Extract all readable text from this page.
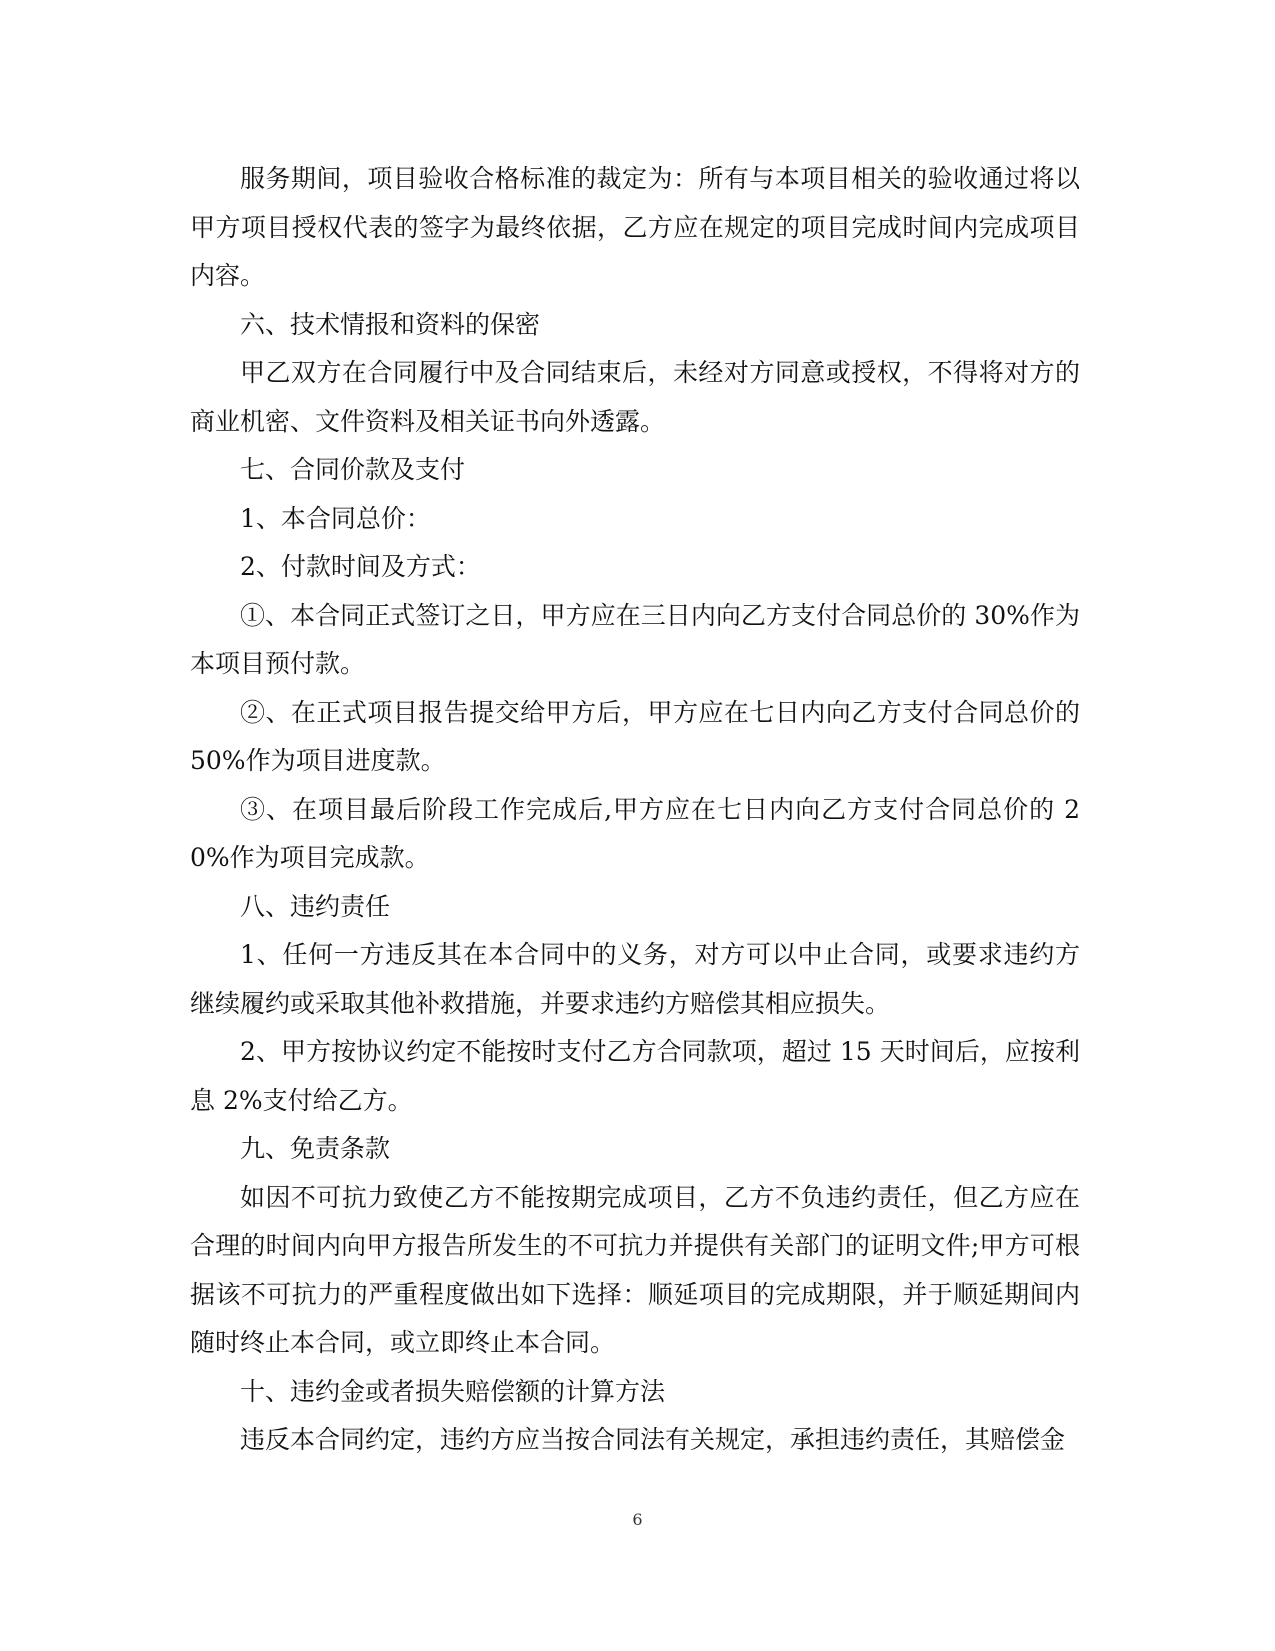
服务期间，项目验收合格标准的裁定为：所有与本项目相关的验收通过将以甲方项目授权代表的签字为最终依据，乙方应在规定的项目完成时间内完成项目内容。

六、技术情报和资料的保密

甲乙双方在合同履行中及合同结束后，未经对方同意或授权，不得将对方的商业机密、文件资料及相关证书向外透露。

七、合同价款及支付

1、本合同总价：

2、付款时间及方式：

①、本合同正式签订之日，甲方应在三日内向乙方支付合同总价的 30%作为本项目预付款。

②、在正式项目报告提交给甲方后，甲方应在七日内向乙方支付合同总价的 50%作为项目进度款。

③、在项目最后阶段工作完成后,甲方应在七日内向乙方支付合同总价的 20%作为项目完成款。

八、违约责任

1、任何一方违反其在本合同中的义务，对方可以中止合同，或要求违约方继续履约或采取其他补救措施，并要求违约方赔偿其相应损失。

2、甲方按协议约定不能按时支付乙方合同款项，超过 15 天时间后，应按利息 2%支付给乙方。

九、免责条款

如因不可抗力致使乙方不能按期完成项目，乙方不负违约责任，但乙方应在合理的时间内向甲方报告所发生的不可抗力并提供有关部门的证明文件;甲方可根据该不可抗力的严重程度做出如下选择：顺延项目的完成期限，并于顺延期间内随时终止本合同，或立即终止本合同。

十、违约金或者损失赔偿额的计算方法

违反本合同约定，违约方应当按合同法有关规定，承担违约责任，其赔偿金

6
